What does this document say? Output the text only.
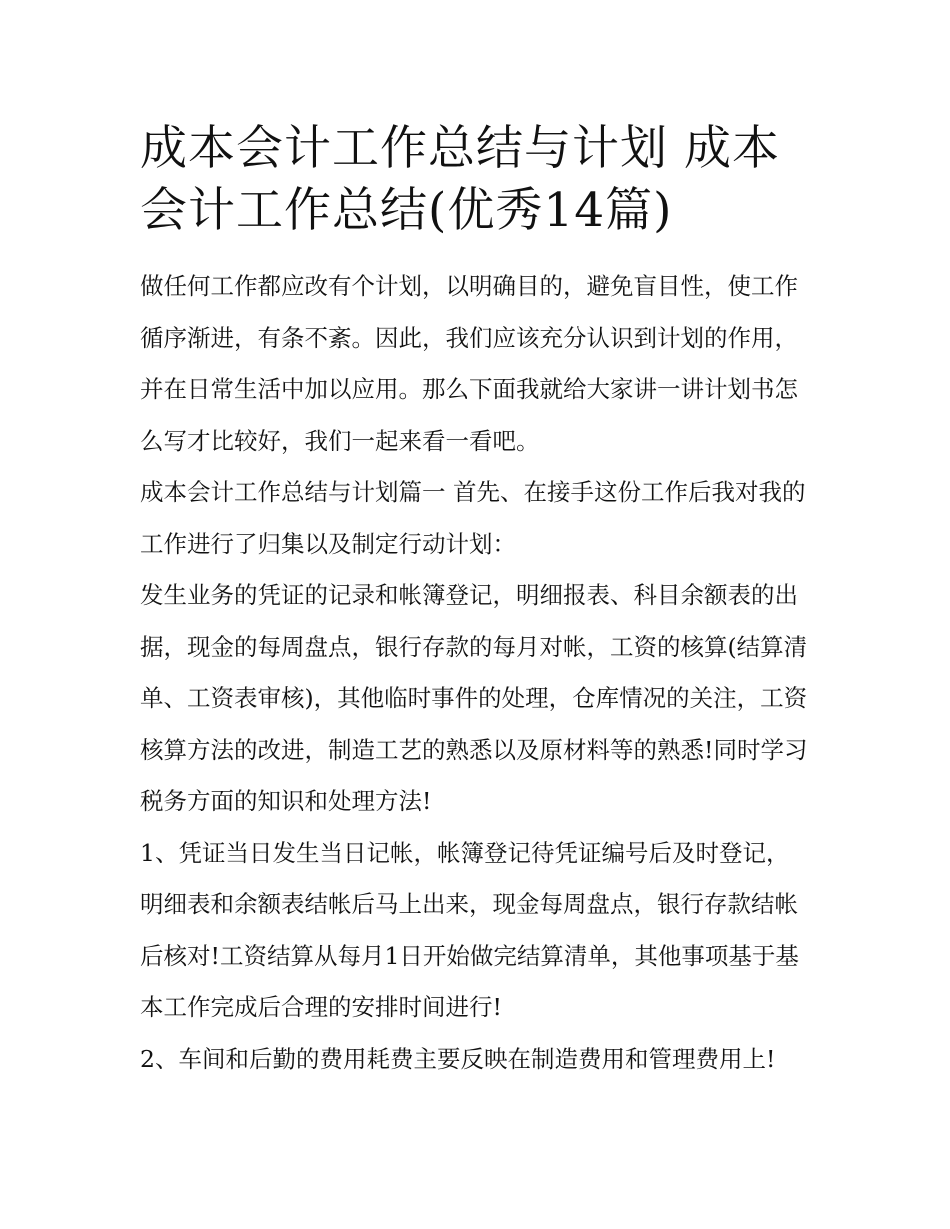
成本会计工作总结与计划 成本会计工作总结(优秀14篇)

做任何工作都应改有个计划，以明确目的，避免盲目性，使工作循序渐进，有条不紊。因此，我们应该充分认识到计划的作用，并在日常生活中加以应用。那么下面我就给大家讲一讲计划书怎么写才比较好，我们一起来看一看吧。

成本会计工作总结与计划篇一 首先、在接手这份工作后我对我的工作进行了归集以及制定行动计划：

发生业务的凭证的记录和帐簿登记，明细报表、科目余额表的出据，现金的每周盘点，银行存款的每月对帐，工资的核算(结算清单、工资表审核)，其他临时事件的处理，仓库情况的关注，工资核算方法的改进，制造工艺的熟悉以及原材料等的熟悉!同时学习税务方面的知识和处理方法!

1、凭证当日发生当日记帐，帐簿登记待凭证编号后及时登记，明细表和余额表结帐后马上出来，现金每周盘点，银行存款结帐后核对!工资结算从每月1日开始做完结算清单，其他事项基于基本工作完成后合理的安排时间进行!

2、车间和后勤的费用耗费主要反映在制造费用和管理费用上!
